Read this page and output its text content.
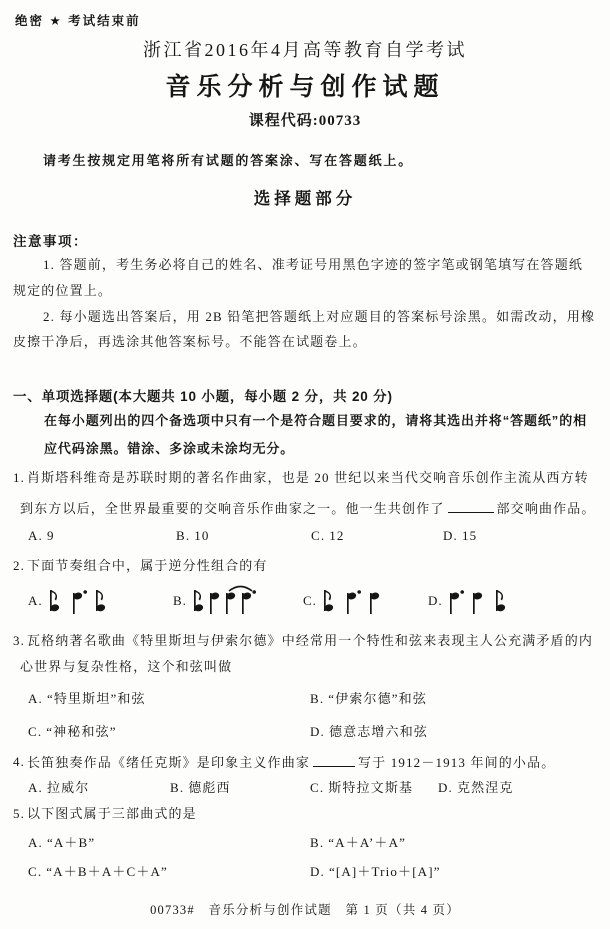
绝密 ★ 考试结束前
浙江省2016年4月高等教育自学考试
音乐分析与创作试题
课程代码:00733
请考生按规定用笔将所有试题的答案涂、写在答题纸上。
选择题部分
注意事项：
1. 答题前，考生务必将自己的姓名、准考证号用黑色字迹的签字笔或钢笔填写在答题纸
规定的位置上。
2. 每小题选出答案后，用 2B 铅笔把答题纸上对应题目的答案标号涂黑。如需改动，用橡
皮擦干净后，再选涂其他答案标号。不能答在试题卷上。
一、单项选择题(本大题共 10 小题，每小题 2 分，共 20 分)
在每小题列出的四个备选项中只有一个是符合题目要求的，请将其选出并将“答题纸”的相
应代码涂黑。错涂、多涂或未涂均无分。
1. 肖斯塔科维奇是苏联时期的著名作曲家，也是 20 世纪以来当代交响音乐创作主流从西方转
到东方以后，全世界最重要的交响音乐作曲家之一。他一生共创作了	部交响曲作品。
A. 9	B. 10	C. 12	D. 15
2. 下面节奏组合中，属于逆分性组合的有
A.	B.	C.	D.
3. 瓦格纳著名歌曲《特里斯坦与伊索尔德》中经常用一个特性和弦来表现主人公充满矛盾的内
心世界与复杂性格，这个和弦叫做
A. “特里斯坦”和弦	B. “伊索尔德”和弦
C. “神秘和弦”	D. 德意志增六和弦
4. 长笛独奏作品《绪任克斯》是印象主义作曲家	写于 1912－1913 年间的小品。
A. 拉威尔	B. 德彪西	C. 斯特拉文斯基 D. 克然涅克
5. 以下图式属于三部曲式的是
A. “A＋B”	B. “A＋A’＋A”
C. “A＋B＋A＋C＋A”	D. “[A]＋Trio＋[A]”
00733#　音乐分析与创作试题　第 1 页（共 4 页）
